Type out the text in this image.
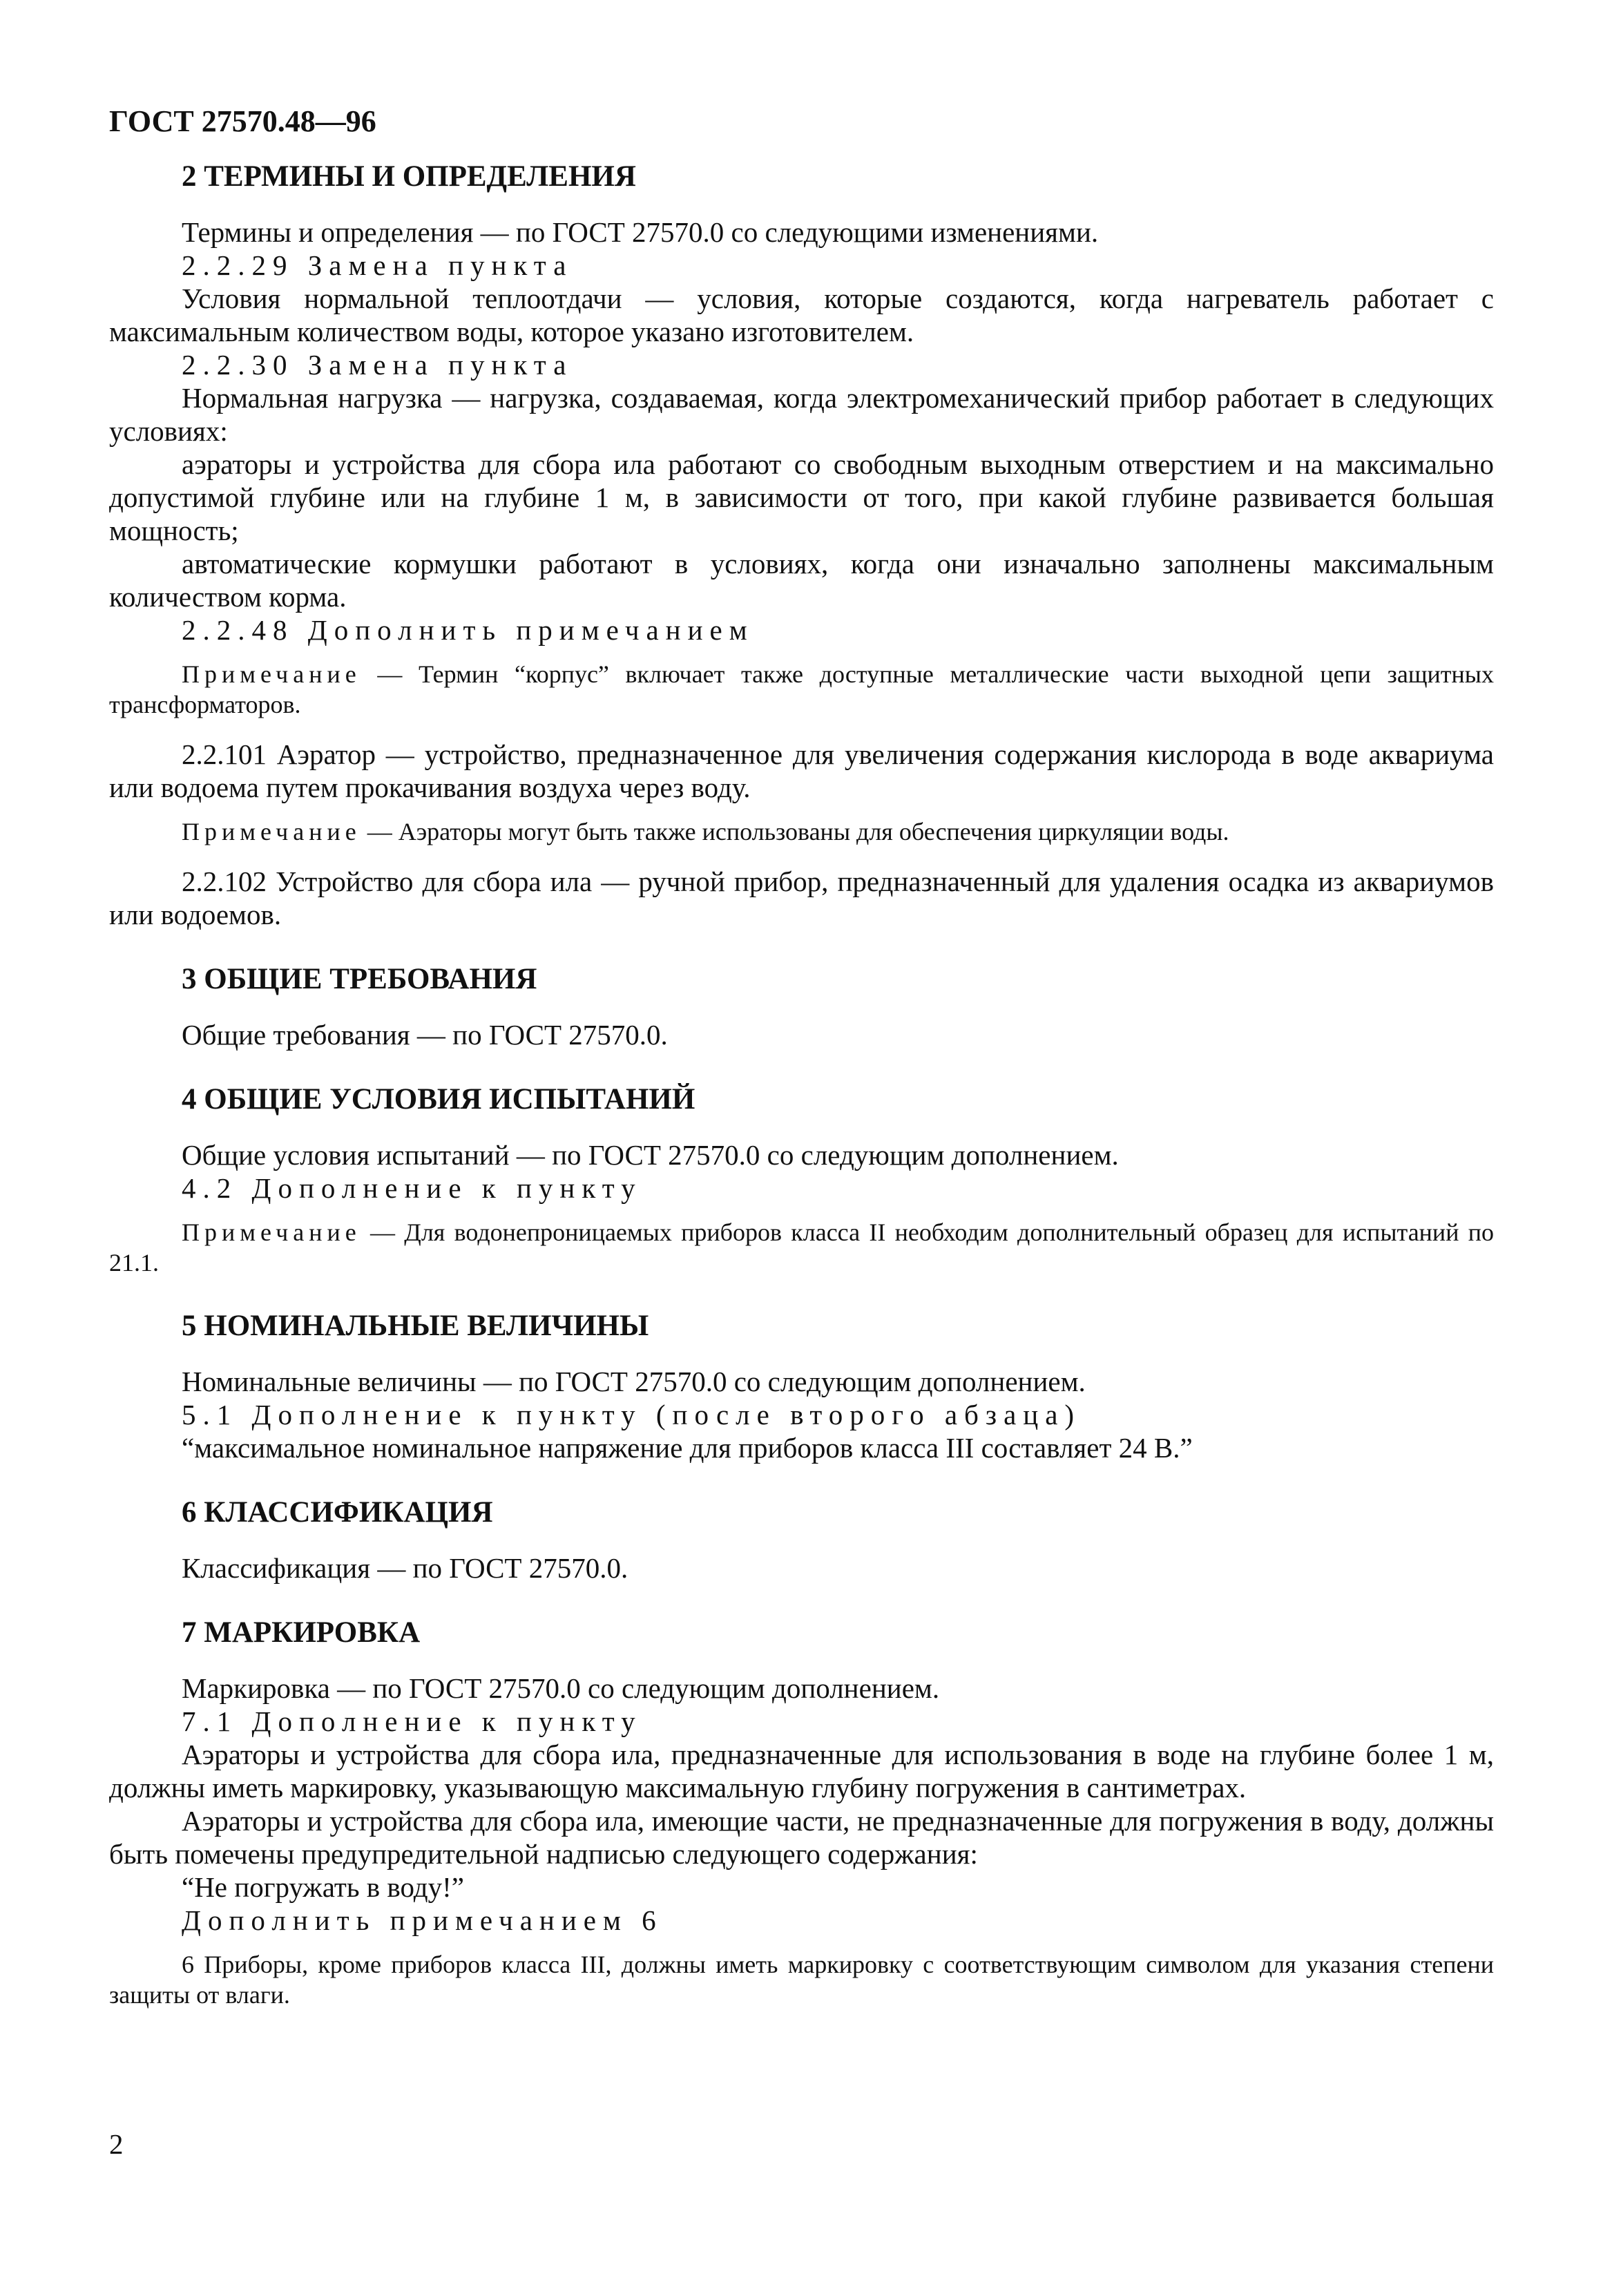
ГОСТ 27570.48—96
2 ТЕРМИНЫ И ОПРЕДЕЛЕНИЯ

Термины и определения — по ГОСТ 27570.0 со следующими изменениями.

2.2.29 Замена пункта

Условия нормальной теплоотдачи — условия, которые создаются, когда нагреватель работает с максимальным количеством воды, которое указано изготовителем.

2.2.30 Замена пункта

Нормальная нагрузка — нагрузка, создаваемая, когда электромеханический прибор работает в следующих условиях:

аэраторы и устройства для сбора ила работают со свободным выходным отверстием и на максимально допустимой глубине или на глубине 1 м, в зависимости от того, при какой глубине развивается большая мощность;

автоматические кормушки работают в условиях, когда они изначально заполнены максимальным количеством корма.

2.2.48 Дополнить примечанием

Примечание — Термин “корпус” включает также доступные металлические части выходной цепи защитных трансформаторов.

2.2.101 Аэратор — устройство, предназначенное для увеличения содержания кислорода в воде аквариума или водоема путем прокачивания воздуха через воду.

Примечание — Аэраторы могут быть также использованы для обеспечения циркуляции воды.

2.2.102 Устройство для сбора ила — ручной прибор, предназначенный для удаления осадка из аквариумов или водоемов.

3 ОБЩИЕ ТРЕБОВАНИЯ

Общие требования — по ГОСТ 27570.0.

4 ОБЩИЕ УСЛОВИЯ ИСПЫТАНИЙ

Общие условия испытаний — по ГОСТ 27570.0 со следующим дополнением.

4.2 Дополнение к пункту

Примечание — Для водонепроницаемых приборов класса II необходим дополнительный образец для испытаний по 21.1.

5 НОМИНАЛЬНЫЕ ВЕЛИЧИНЫ

Номинальные величины — по ГОСТ 27570.0 со следующим дополнением.

5.1 Дополнение к пункту (после второго абзаца)

“максимальное номинальное напряжение для приборов класса III составляет 24 В.”

6 КЛАССИФИКАЦИЯ

Классификация — по ГОСТ 27570.0.

7 МАРКИРОВКА

Маркировка — по ГОСТ 27570.0 со следующим дополнением.

7.1 Дополнение к пункту

Аэраторы и устройства для сбора ила, предназначенные для использования в воде на глубине более 1 м, должны иметь маркировку, указывающую максимальную глубину погружения в сантиметрах.

Аэраторы и устройства для сбора ила, имеющие части, не предназначенные для погружения в воду, должны быть помечены предупредительной надписью следующего содержания:

“Не погружать в воду!”

Дополнить примечанием 6

6 Приборы, кроме приборов класса III, должны иметь маркировку с соответствующим символом для указания степени защиты от влаги.

2
